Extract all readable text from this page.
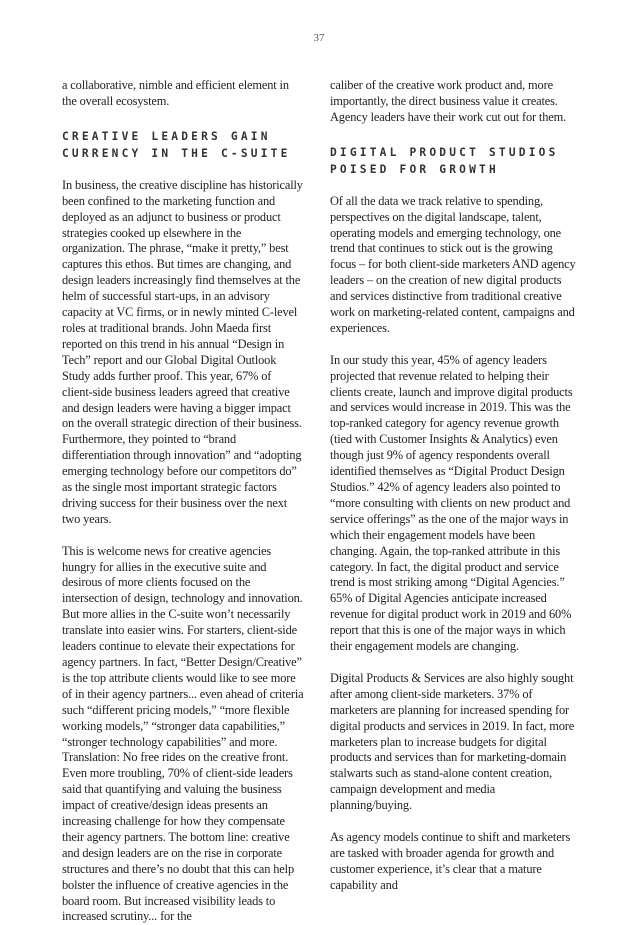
37

a collaborative, nimble and efficient element in the overall ecosystem.

CREATIVE LEADERS GAIN CURRENCY IN THE C-SUITE

In business, the creative discipline has historically been confined to the marketing function and deployed as an adjunct to business or product strategies cooked up elsewhere in the organization. The phrase, “make it pretty,” best captures this ethos. But times are changing, and design leaders increasingly find themselves at the helm of successful start-ups, in an advisory capacity at VC firms, or in newly minted C-level roles at traditional brands. John Maeda first reported on this trend in his annual “Design in Tech” report and our Global Digital Outlook Study adds further proof. This year, 67% of client-side business leaders agreed that creative and design leaders were having a bigger impact on the overall strategic direction of their business. Furthermore, they pointed to “brand differentiation through innovation” and “adopting emerging technology before our competitors do” as the single most important strategic factors driving success for their business over the next two years.

This is welcome news for creative agencies hungry for allies in the executive suite and desirous of more clients focused on the intersection of design, technology and innovation. But more allies in the C-suite won’t necessarily translate into easier wins. For starters, client-side leaders continue to elevate their expectations for agency partners. In fact, “Better Design/Creative” is the top attribute clients would like to see more of in their agency partners... even ahead of criteria such “different pricing models,” “more flexible working models,” “stronger data capabilities,” “stronger technology capabilities” and more. Translation: No free rides on the creative front. Even more troubling, 70% of client-side leaders said that quantifying and valuing the business impact of creative/design ideas presents an increasing challenge for how they compensate their agency partners. The bottom line: creative and design leaders are on the rise in corporate structures and there’s no doubt that this can help bolster the influence of creative agencies in the board room. But increased visibility leads to increased scrutiny... for the

caliber of the creative work product and, more importantly, the direct business value it creates. Agency leaders have their work cut out for them.

DIGITAL PRODUCT STUDIOS POISED FOR GROWTH

Of all the data we track relative to spending, perspectives on the digital landscape, talent, operating models and emerging technology, one trend that continues to stick out is the growing focus – for both client-side marketers AND agency leaders – on the creation of new digital products and services distinctive from traditional creative work on marketing-related content, campaigns and experiences.

In our study this year, 45% of agency leaders projected that revenue related to helping their clients create, launch and improve digital products and services would increase in 2019. This was the top-ranked category for agency revenue growth (tied with Customer Insights & Analytics) even though just 9% of agency respondents overall identified themselves as “Digital Product Design Studios.” 42% of agency leaders also pointed to “more consulting with clients on new product and service offerings” as the one of the major ways in which their engagement models have been changing. Again, the top-ranked attribute in this category. In fact, the digital product and service trend is most striking among “Digital Agencies.” 65% of Digital Agencies anticipate increased revenue for digital product work in 2019 and 60% report that this is one of the major ways in which their engagement models are changing.

Digital Products & Services are also highly sought after among client-side marketers. 37% of marketers are planning for increased spending for digital products and services in 2019. In fact, more marketers plan to increase budgets for digital products and services than for marketing-domain stalwarts such as stand-alone content creation, campaign development and media planning/buying.

As agency models continue to shift and marketers are tasked with broader agenda for growth and customer experience, it’s clear that a mature capability and
